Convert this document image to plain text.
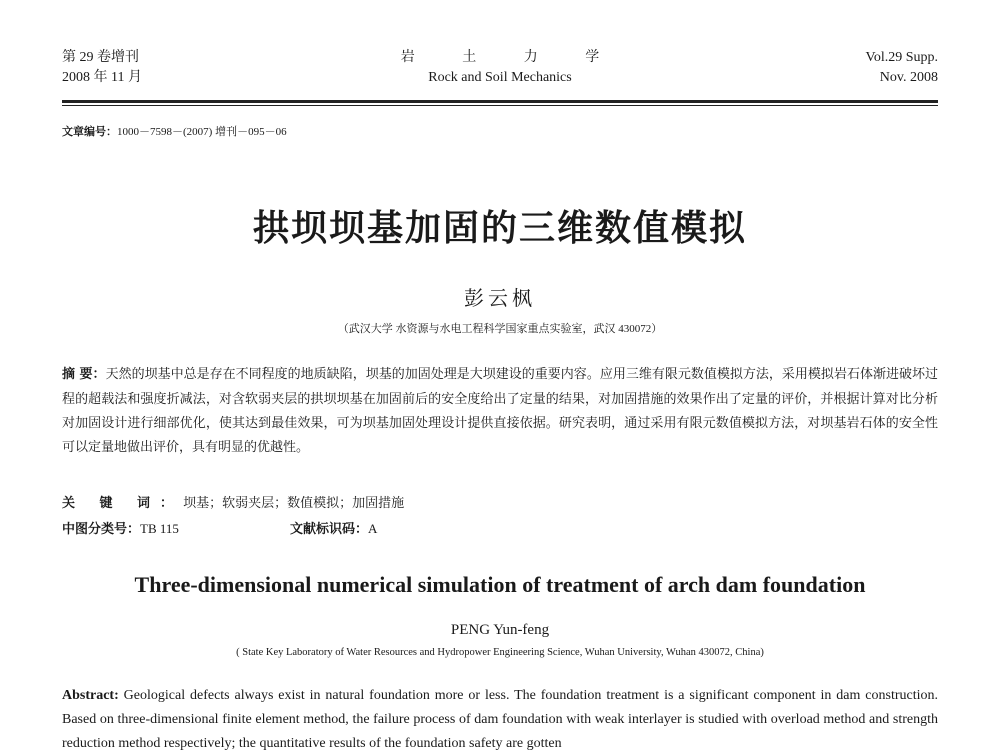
第 29 卷增刊
2008 年 11 月
岩 土 力 学
Rock and Soil Mechanics
Vol.29 Supp.
Nov. 2008
文章编号：1000－7598－(2007) 增刊－095－06
拱坝坝基加固的三维数值模拟
彭云枫
（武汉大学 水资源与水电工程科学国家重点实验室，武汉 430072）
摘 要：天然的坝基中总是存在不同程度的地质缺陷，坝基的加固处理是大坝建设的重要内容。应用三维有限元数值模拟方法，采用模拟岩石体渐进破坏过程的超载法和强度折减法，对含软弱夹层的拱坝坝基在加固前后的安全度给出了定量的结果，对加固措施的效果作出了定量的评价，并根据计算对比分析对加固设计进行细部优化，使其达到最佳效果，可为坝基加固处理设计提供直接依据。研究表明，通过采用有限元数值模拟方法，对坝基岩石体的安全性可以定量地做出评价，具有明显的优越性。
关 键 词：坝基；软弱夹层；数值模拟；加固措施
中图分类号：TB 115	文献标识码：A
Three-dimensional numerical simulation of treatment of arch dam foundation
PENG Yun-feng
( State Key Laboratory of Water Resources and Hydropower Engineering Science, Wuhan University, Wuhan 430072, China)
Abstract: Geological defects always exist in natural foundation more or less. The foundation treatment is a significant component in dam construction. Based on three-dimensional finite element method, the failure process of dam foundation with weak interlayer is studied with overload method and strength reduction method respectively; the quantitative results of the foundation safety are gotten
